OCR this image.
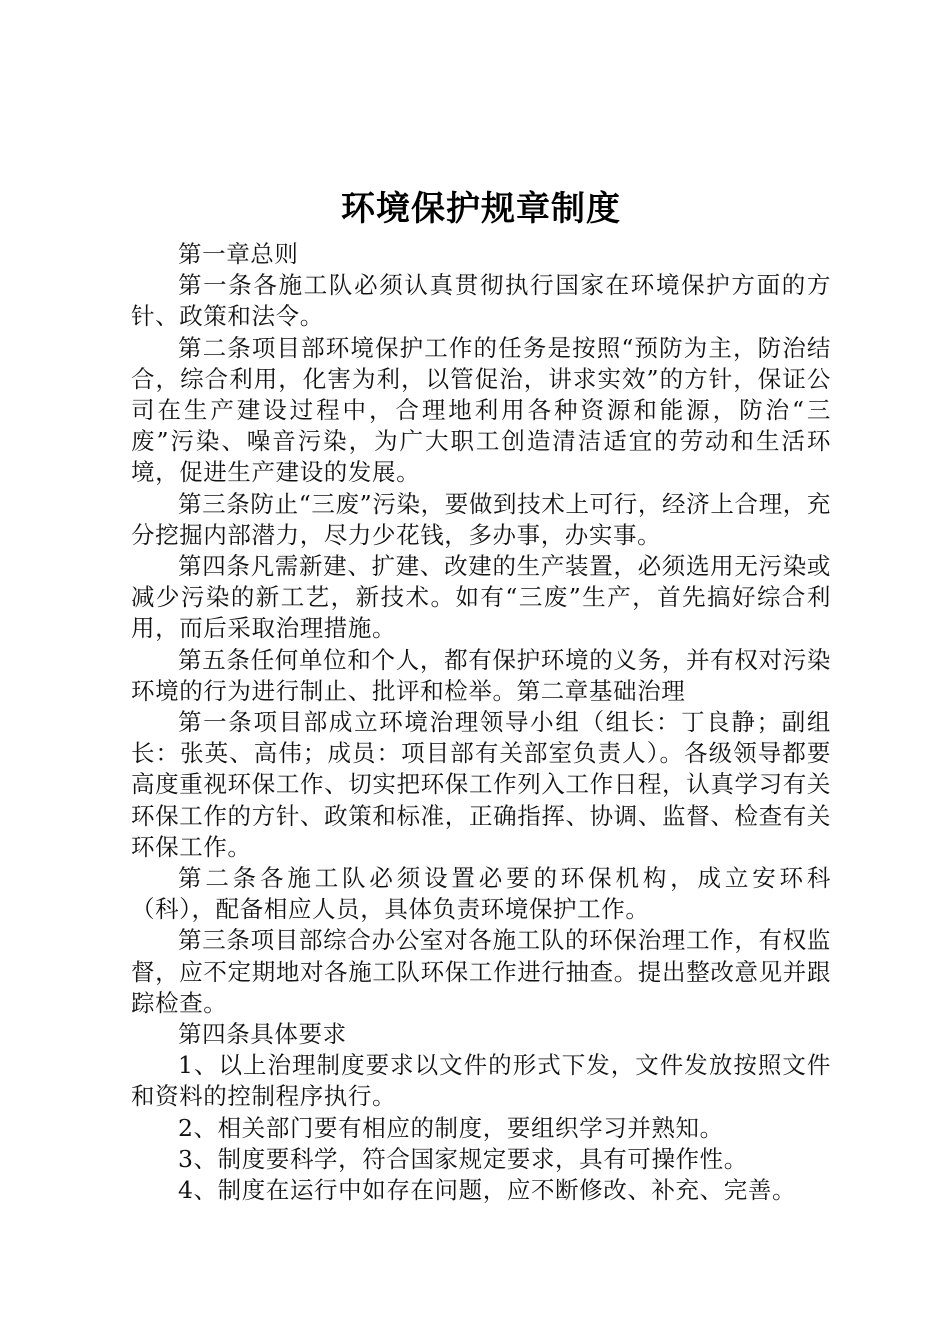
环境保护规章制度

第一章总则

第一条各施工队必须认真贯彻执行国家在环境保护方面的方针、政策和法令。

第二条项目部环境保护工作的任务是按照“预防为主，防治结合，综合利用，化害为利，以管促治，讲求实效”的方针，保证公司在生产建设过程中，合理地利用各种资源和能源，防治“三废”污染、噪音污染，为广大职工创造清洁适宜的劳动和生活环境，促进生产建设的发展。

第三条防止“三废”污染，要做到技术上可行，经济上合理，充分挖掘内部潜力，尽力少花钱，多办事，办实事。

第四条凡需新建、扩建、改建的生产装置，必须选用无污染或减少污染的新工艺，新技术。如有“三废”生产，首先搞好综合利用，而后采取治理措施。

第五条任何单位和个人，都有保护环境的义务，并有权对污染环境的行为进行制止、批评和检举。第二章基础治理

第一条项目部成立环境治理领导小组（组长：丁良静；副组长：张英、高伟；成员：项目部有关部室负责人）。各级领导都要高度重视环保工作、切实把环保工作列入工作日程，认真学习有关环保工作的方针、政策和标准，正确指挥、协调、监督、检查有关环保工作。

第二条各施工队必须设置必要的环保机构，成立安环科（科），配备相应人员，具体负责环境保护工作。

第三条项目部综合办公室对各施工队的环保治理工作，有权监督，应不定期地对各施工队环保工作进行抽查。提出整改意见并跟踪检查。

第四条具体要求

1、以上治理制度要求以文件的形式下发，文件发放按照文件和资料的控制程序执行。

2、相关部门要有相应的制度，要组织学习并熟知。

3、制度要科学，符合国家规定要求，具有可操作性。

4、制度在运行中如存在问题，应不断修改、补充、完善。
